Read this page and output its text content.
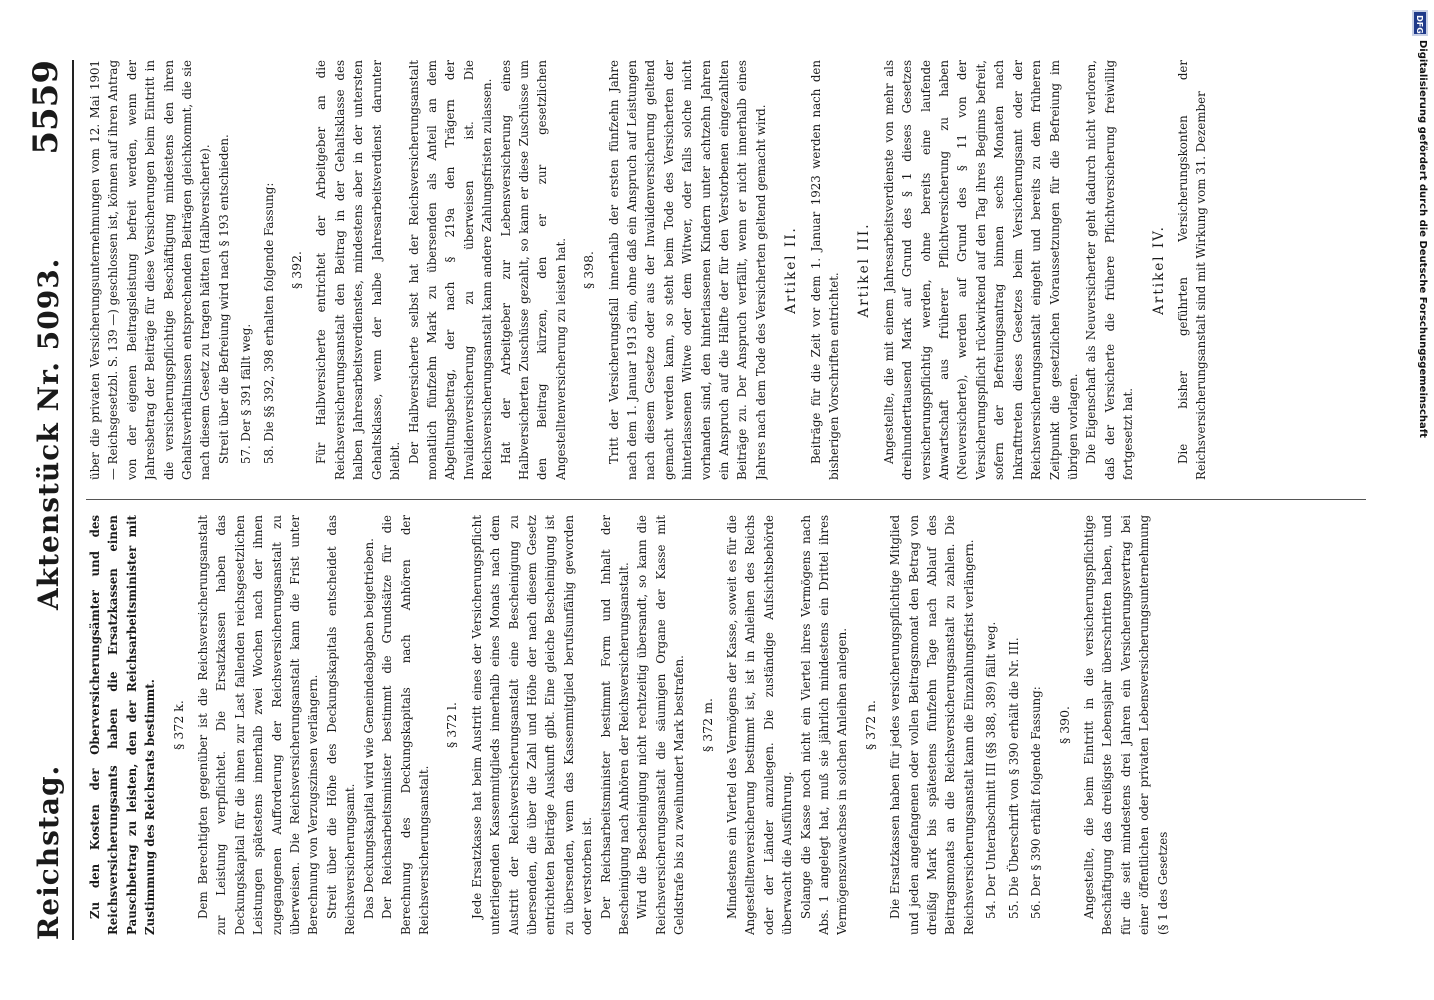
Reichstag.
Aktenstück Nr. 5093.
5559

Zu den Kosten der Oberversicherungsämter und des Reichsversicherungsamts haben die Ersatzkassen einen Pauschbetrag zu leisten, den der Reichsarbeitsminister mit Zustimmung des Reichsrats bestimmt. § 372 k. Dem Berechtigten gegenüber ist die Reichsversicherungsanstalt zur Leistung verpflichtet. Die Ersatzkassen haben das Deckungskapital für die ihnen zur Last fallenden reichsgesetzlichen Leistungen spätestens innerhalb zwei Wochen nach der ihnen zugegangenen Aufforderung der Reichsversicherungsanstalt zu überweisen. Die Reichsversicherungsanstalt kann die Frist unter Berechnung von Verzugszinsen verlängern. Streit über die Höhe des Deckungskapitals entscheidet das Reichsversicherungsamt. Das Deckungskapital wird wie Gemeindeabgaben beigetrieben. Der Reichsarbeitsminister bestimmt die Grundsätze für die Berechnung des Deckungskapitals nach Anhören der Reichsversicherungsanstalt.

§ 372 l. Jede Ersatzkasse hat beim Austritt eines der Versicherungspflicht unterliegenden Kassenmitglieds innerhalb eines Monats nach dem Austritt der Reichsversicherungsanstalt eine Bescheinigung zu übersenden, die über die Zahl und Höhe der nach diesem Gesetz entrichteten Beiträge Auskunft gibt. Eine gleiche Bescheinigung ist zu übersenden, wenn das Kassenmitglied berufsunfähig geworden oder verstorben ist. Der Reichsarbeitsminister bestimmt Form und Inhalt der Bescheinigung nach Anhören der Reichsversicherungsanstalt. Wird die Bescheinigung nicht rechtzeitig übersandt, so kann die Reichsversicherungsanstalt die säumigen Organe der Kasse mit Geldstrafe bis zu zweihundert Mark bestrafen. § 372 m. Mindestens ein Viertel des Vermögens der Kasse, soweit es für die Angestelltenversicherung bestimmt ist, ist in Anleihen des Reichs oder der Länder anzulegen. Die zuständige Aufsichtsbehörde überwacht die Ausführung. Solange die Kasse noch nicht ein Viertel ihres Vermögens nach Abs. 1 angelegt hat, muß sie jährlich mindestens ein Drittel ihres Vermögenszuwachses in solchen Anleihen anlegen. § 372 n. Die Ersatzkassen haben für jedes versicherungspflichtige Mitglied und jeden angefangenen oder vollen Beitragsmonat den Betrag von dreißig Mark bis spätestens fünfzehn Tage nach Ablauf des Beitragsmonats an die Reichsversicherungsanstalt zu zahlen. Die Reichsversicherungsanstalt kann die Einzahlungsfrist verlängern. 54. Der Unterabschnitt III (§§ 388, 389) fällt weg. 55. Die Überschrift von § 390 erhält die Nr. III. 56. Der § 390 erhält folgende Fassung: § 390. Angestellte, die beim Eintritt in die versicherungspflichtige Beschäftigung das dreißigste Lebensjahr überschritten haben, und für die seit mindestens drei Jahren ein Versicherungsvertrag bei einer öffentlichen oder privaten Lebensversicherungsunternehmung (§ 1 des Gesetzes

über die privaten Versicherungsunternehmungen vom 12. Mai 1901 — Reichsgesetzbl. S. 139 —) geschlossen ist, können auf ihren Antrag von der eigenen Beitragsleistung befreit werden, wenn der Jahresbetrag der Beiträge für diese Versicherungen beim Eintritt in die versicherungspflichtige Beschäftigung mindestens den ihren Gehaltsverhältnissen entsprechenden Beiträgen gleichkommt, die sie nach diesem Gesetz zu tragen hätten (Halbversicherte). Streit über die Befreiung wird nach § 193 entschieden. 57. Der § 391 fällt weg. 58. Die §§ 392, 398 erhalten folgende Fassung: § 392. Für Halbversicherte entrichtet der Arbeitgeber an die Reichsversicherungsanstalt den Beitrag in der Gehaltsklasse des halben Jahresarbeitsverdienstes, mindestens aber in der untersten Gehaltsklasse, wenn der halbe Jahresarbeitsverdienst darunter bleibt. Der Halbversicherte selbst hat der Reichsversicherungsanstalt monatlich fünfzehn Mark zu übersenden als Anteil an dem Abgeltungsbetrag, der nach § 219a den Trägern der Invalidenversicherung zu überweisen ist. Die Reichsversicherungsanstalt kann andere Zahlungsfristen zulassen. Hat der Arbeitgeber zur Lebensversicherung eines Halbversicherten Zuschüsse gezahlt, so kann er diese Zuschüsse um den Beitrag kürzen, den er zur gesetzlichen Angestelltenversicherung zu leisten hat. § 398. Tritt der Versicherungsfall innerhalb der ersten fünfzehn Jahre nach dem 1. Januar 1913 ein, ohne daß ein Anspruch auf Leistungen nach diesem Gesetze oder aus der Invalidenversicherung geltend gemacht werden kann, so steht beim Tode des Versicherten der hinterlassenen Witwe oder dem Witwer, oder falls solche nicht vorhanden sind, den hinterlassenen Kindern unter achtzehn Jahren ein Anspruch auf die Hälfte der für den Verstorbenen eingezahlten Beiträge zu. Der Anspruch verfällt, wenn er nicht innerhalb eines Jahres nach dem Tode des Versicherten geltend gemacht wird. Artikel II. Beiträge für die Zeit vor dem 1. Januar 1923 werden nach den bisherigen Vorschriften entrichtet.

Artikel III. Angestellte, die mit einem Jahresarbeitsverdienste von mehr als dreihunderttausend Mark auf Grund des § 1 dieses Gesetzes versicherungspflichtig werden, ohne bereits eine laufende Anwartschaft aus früherer Pflichtversicherung zu haben (Neuversicherte), werden auf Grund des § 11 von der Versicherungspflicht rückwirkend auf den Tag ihres Beginns befreit, sofern der Befreiungsantrag binnen sechs Monaten nach Inkrafttreten dieses Gesetzes beim Versicherungsamt oder der Reichsversicherungsanstalt eingeht und bereits zu dem früheren Zeitpunkt die gesetzlichen Voraussetzungen für die Befreiung im übrigen vorlagen. Die Eigenschaft als Neuversicherter geht dadurch nicht verloren, daß der Versicherte die frühere Pflichtversicherung freiwillig fortgesetzt hat.

Artikel IV. Die bisher geführten Versicherungskonten der Reichsversicherungsanstalt sind mit Wirkung vom 31. Dezember

DFG
Digitalisierung gefördert durch die Deutsche Forschungsgemeinschaft
